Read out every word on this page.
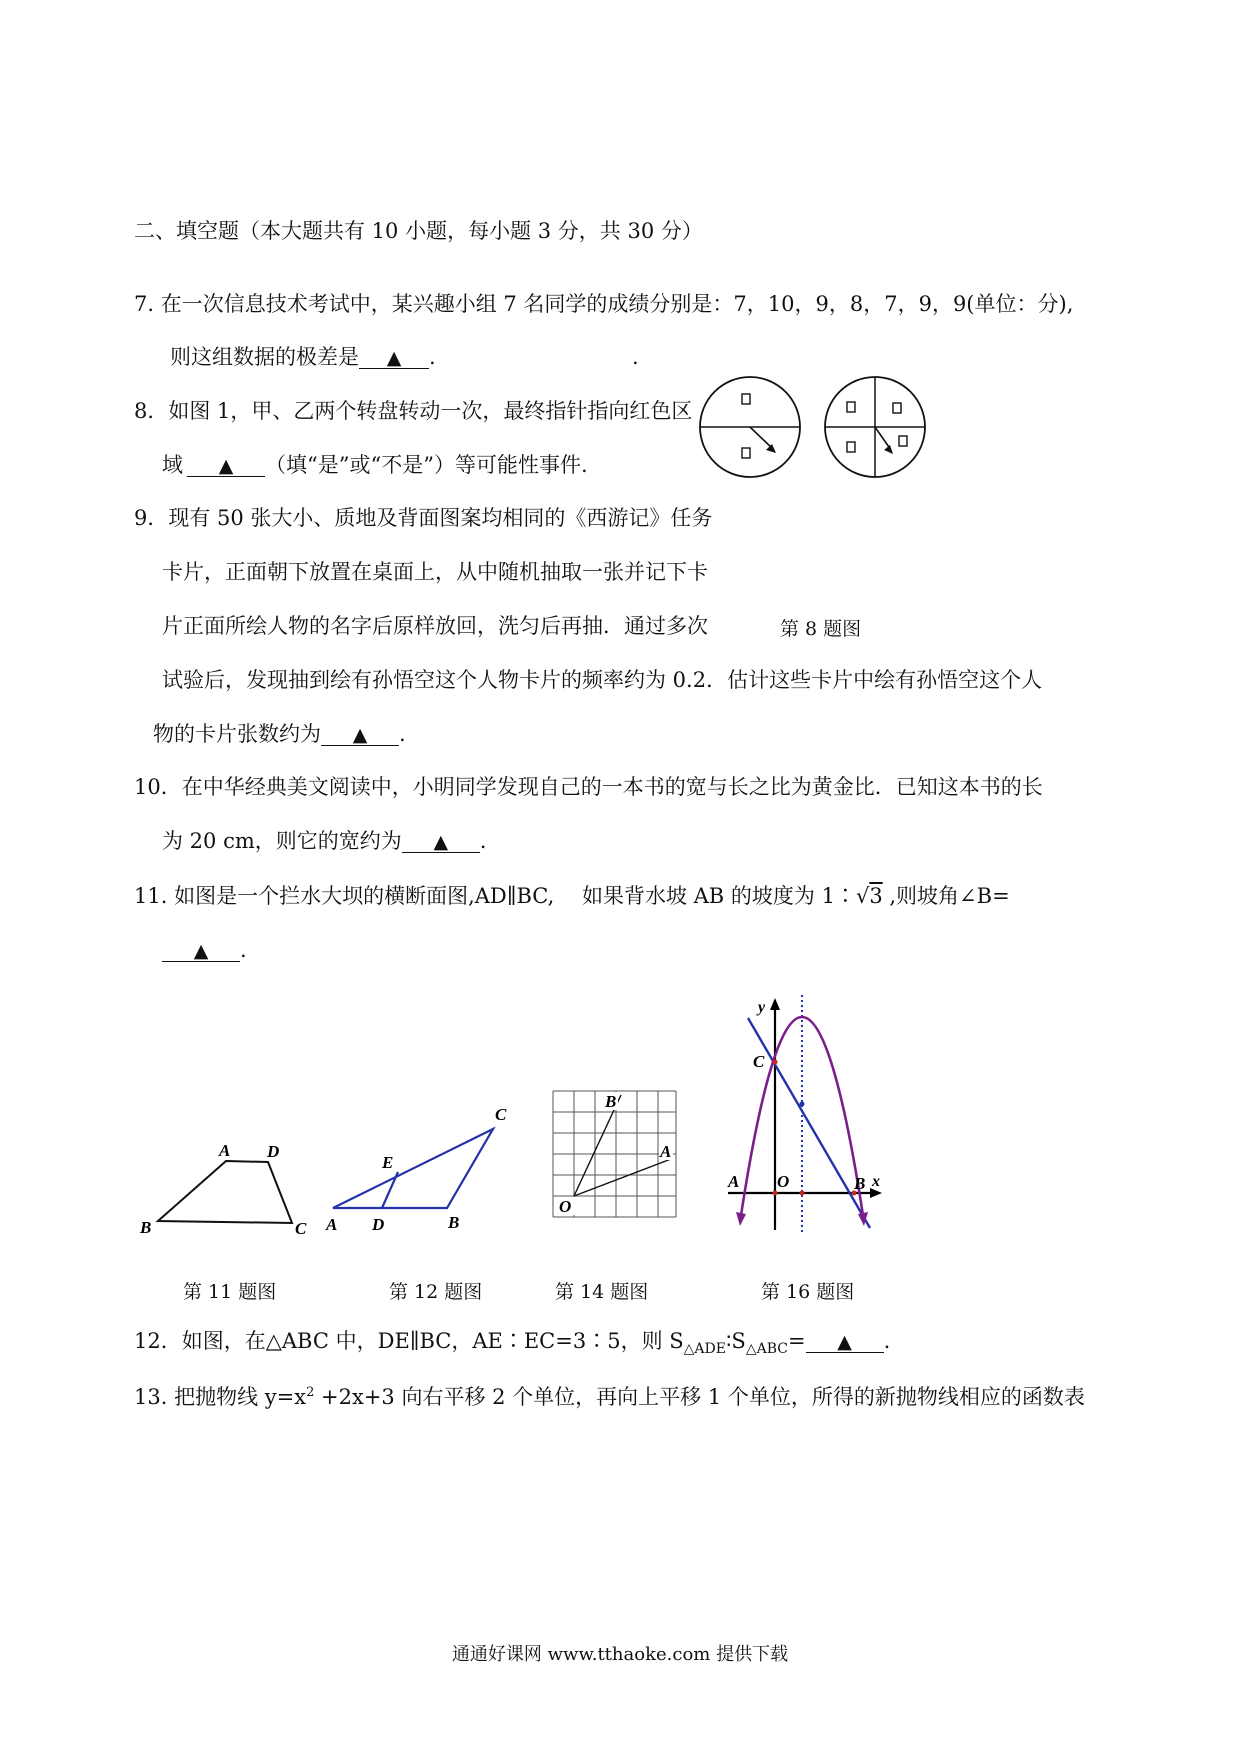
二、填空题（本大题共有 10 小题，每小题 3 分，共 30 分）
7. 在一次信息技术考试中，某兴趣小组 7 名同学的成绩分别是：7，10，9，8，7，9，9(单位：分),
则这组数据的极差是 ▲ .	.
8．如图 1，甲、乙两个转盘转动一次，最终指针指向红色区
域 ▲ （填“是”或“不是”）等可能性事件.
9．现有 50 张大小、质地及背面图案均相同的《西游记》任务
卡片，正面朝下放置在桌面上，从中随机抽取一张并记下卡
片正面所绘人物的名字后原样放回，洗匀后再抽．通过多次	第 8 题图
试验后，发现抽到绘有孙悟空这个人物卡片的频率约为 0.2．估计这些卡片中绘有孙悟空这个人
物的卡片张数约为 ▲ .
10．在中华经典美文阅读中，小明同学发现自己的一本书的宽与长之比为黄金比．已知这本书的长
为 20 cm，则它的宽约为 ▲ .
11. 如图是一个拦水大坝的横断面图,AD∥BC,　 如果背水坡 AB 的坡度为 1∶√3 ,则坡角∠B=
▲ .
A D
B	C
C
E
A D	B
O
B
A
y
x
C
A O	B
第 11 题图	第 12 题图	第 14 题图	第 16 题图
12．如图，在△ABC 中，DE∥BC，AE∶EC=3∶5，则 $S_{\triangle ADE}∶S_{\triangle ABC}=$ ▲ .
13. 把抛物线 $y=x^2 +2x+3$ 向右平移 2 个单位，再向上平移 1 个单位，所得的新抛物线相应的函数表
通通好课网 www.tthaoke.com 提供下载
